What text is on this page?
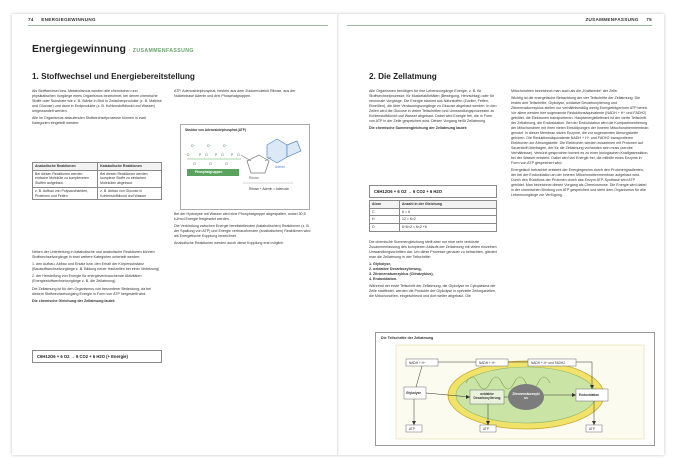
74 ENERGIEGEWINNUNG
Energiegewinnung · ZUSAMMENFASSUNG
1. Stoffwechsel und Energiebereitstellung

Als Stoffwechsel bzw. Metabolismus werden alle chemischen und physikalischen Vorgänge eines Organismus bezeichnet, bei denen chemische Stoffe oder Substrate wie z. B. Stärke in Brot in Zwischenprodukte (z. B. Maltose und Glucose) und dann in Endprodukte (z. B. Kohlenstoffdioxid und Wasser) umgewandelt werden.

Alle im Organismus ablaufenden Stoffwechselprozesse können in zwei Kategorien eingeteilt werden:

Anabolische Reaktionen	Katabolische Reaktionen
Bei diesen Reaktionen werden einfache Moleküle zu komplexeren Stoffen aufgebaut.	Bei diesen Reaktionen werden komplexe Stoffe zu einfachen Molekülen abgebaut.
z. B. Aufbau von Polysacchariden, Proteinen und Fetten	z. B. Abbau von Glucose in Kohlenstoffdioxid und Wasser

Neben der Unterteilung in katabolische und anabolische Reaktionen können Stoffwechselvorgänge in zwei weitere Kategorien unterteilt werden:

1. den Aufbau, Abbau und Ersatz bzw. den Erhalt der Körpersubstanz (Baustoffwechselvorgänge z. B. Bildung neuer Hautzellen bei einer Verletzung)

2. der Herstellung von Energie für energieverbrauchende Aktivitäten (Energiestoffwechselvorgänge z. B. die Zellatmung).

Die Zellatmung ist für den Organismus von besonderer Bedeutung, da bei diesem Stoffwechselvorgang Energie in Form von ATP hergestellt wird.

Die chemische Gleichung der Zellatmung lautet:

C6H12O6 + 6 O2 → 6 CO2 + 6 H2O (+ Energie)
ATP, Adenosintriphosphat, besteht aus dem Zuckermolekül Ribose, aus der Nukleinbase Adenin und drei Phosphatgruppen.
Struktur von Adenosintriphosphat (ATP)
O⁻	O⁻	O⁻
⁻O	P	P	P
O	O	O
O	O	O
Phosphatgruppen
Ribose
Adenin
Ribose + Adenin = Adenosin

Bei der Hydrolyse mit Wasser wird eine Phosphatgruppe abgespalten, wobei 30,5 kJ/mol Energie freigesetzt werden.

Die Verbindung zwischen Energie bereitstellenden (katabolischen) Reaktionen (z. B. der Spaltung von ATP) und Energie verbrauchenden (anabolischen) Reaktionen wird als Energetische Kopplung bezeichnet.

Anabolische Reaktionen werden durch diese Kopplung erst möglich.

ZUSAMMENFASSUNG 75
2. Die Zellatmung

Alle Organismen benötigen für ihre Lebensvorgänge Energie, z. B. für Stoffwechselprozesse, für Muskelaktivitäten (Bewegung, Herzschlag) oder für neuronale Vorgänge. Die Energie stammt aus Nährstoffen (Zucker, Fetten, Eiweißen), die über Verdauungsvorgänge zu Glucose abgebaut werden. In den Zellen wird die Glucose in vielen Teilschritten und Umwandlungsprozessen zu Kohlenstoffdioxid und Wasser abgebaut. Dabei wird Energie frei, die in Form von ATP in der Zelle gespeichert wird. Diesen Vorgang heißt Zellatmung.

Die chemische Summengleichung der Zellatmung lautet:

C6H12O6 + 6 O2 → 6 CO2 + 6 H2O
Atom	Anzahl in der Gleichung
C	6 = 6
H	12 = 6×2
O	6+6×2 = 6×2 +6

Die chemische Summengleichung stellt aber nur eine sehr verkürzte Zusammenfassung des komplexen Ablaufs der Zellatmung mit vielen einzelnen Umwandlungsschritten dar. Um diese Prozesse genauer zu betrachten, gliedert man die Zellatmung in vier Teilschritte:

1. Glykolyse,

2. oxidative Decarboxylierung,

3. Zitronensäurezyklus (Citratzyklus),

4. Endoxidation.

Während der erste Teilschritt der Zellatmung, die Glykolyse im Cytoplasma der Zelle stattfindet, werden die Produkte der Glykolyse in spezielle Zellorganellen, die Mitochondrien, eingeschleust und dort weiter abgebaut. Die

Mitochondrien bezeichnet man auch als die „Kraftwerke“ der Zelle.

Wichtig ist die energetische Betrachtung der vier Teilschritte der Zellatmung: Die ersten drei Teilschritte, Glykolyse, oxidative Decarboxylierung und Zitronensäurezyklus stellen nur verhältnismäßig wenig Energieträgerform ATP bereit. Vor allem werden hier sogenannte Reduktionsäquivalente (NADH + H⁺ und FADH2) gebildet, die Elektronen transportieren. Hauptenergielieferant ist der vierte Teilschritt der Zellatmung, die Endoxidation. Bei der Endoxidation wird die Kompartimentierung der Mitochondrien mit ihren vielen Einstülpungen der inneren Mitochondrienmembran genutzt. In dieser Membran sitzen Enzyme, die zur sogenannten Atmungskette gehören. Die Reduktionsäquivalente NADH + H⁺ und FADH2 transportieren Elektronen zur Atmungskette. Die Elektronen werden zusammen mit Protonen auf Sauerstoff übertragen, der für die Zellatmung vorhanden sein muss (aerobe Verhältnisse). Verkürzt gesprochen kommt es zu einer biologischen Knallgasreaktion, bei der Wasser entsteht. Dabei wird viel Energie frei, die mithilfe eines Enzyms in Form von ATP gespeichert wird.

Energetisch betrachtet entsteht der Energiegewinn durch den Protonengradienten, der bei der Endoxidation an der inneren Mitochondrienmembran aufgebaut wird. Durch den Rückfluss der Protonen durch das Enzym ATP-Synthase wird ATP gebildet. Man bezeichnet diesen Vorgang als Chemiosmose. Die Energie wird dabei in der chemischen Bindung von ATP gespeichert und steht dem Organismus für alle Lebensvorgänge zur Verfügung.

Die Teilschritte der Zellatmung
NADH + H⁺	NADH + H⁺	NADH + H⁺ und FADH2
Glykolyse	oxidative Decarboxylierung
Zitronensäurezyklus
Endoxidation
ATP	ATP	ATP
